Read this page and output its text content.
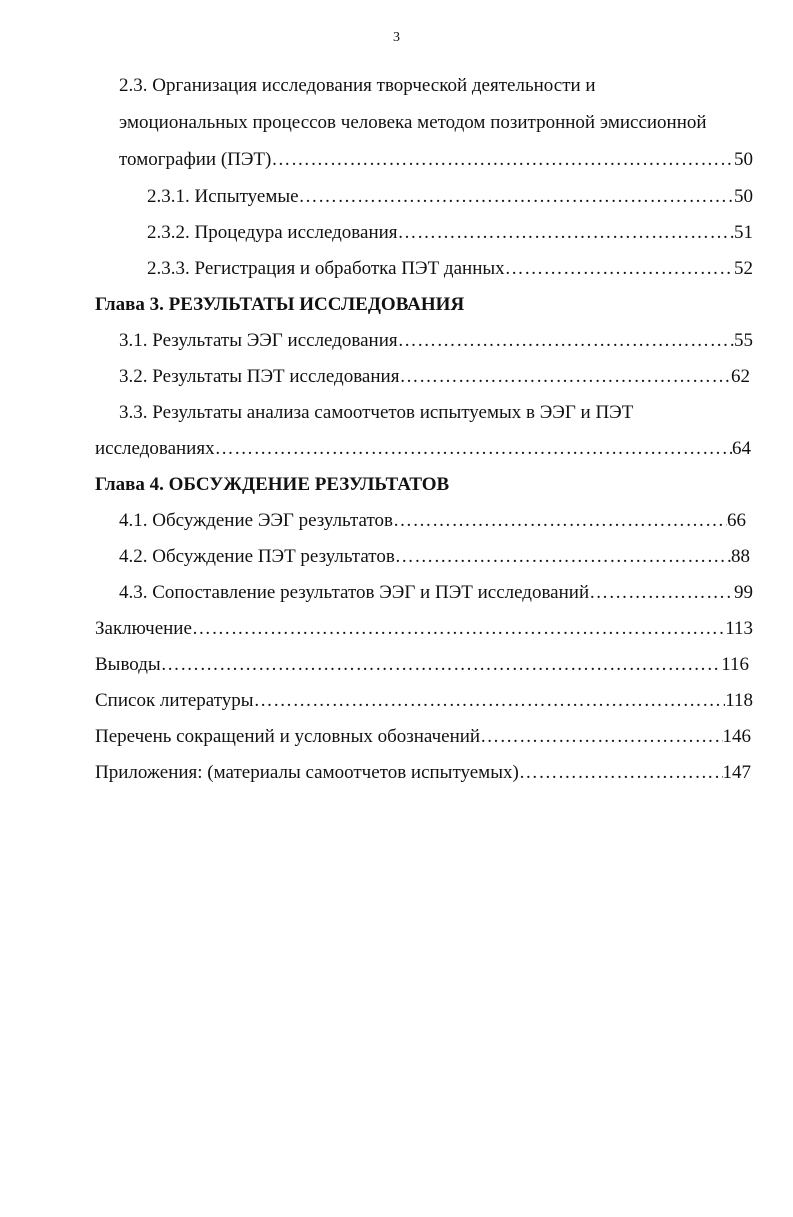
3
2.3. Организация исследования творческой деятельности и
эмоциональных процессов человека методом позитронной эмиссионной
томографии (ПЭТ) …………………………………………………………………………………………………………………………………………………………	50
2.3.1. Испытуемые …………………………………………………………………………………………………………………………………………………………	50
2.3.2. Процедура исследования …………………………………………………………………………………………………………………………………………………………	51
2.3.3. Регистрация и обработка ПЭТ данных …………………………………………………………………………………………………………………………………………………………	52
Глава 3. РЕЗУЛЬТАТЫ ИССЛЕДОВАНИЯ
3.1. Результаты ЭЭГ исследования …………………………………………………………………………………………………………………………………………………………	55
3.2. Результаты ПЭТ исследования …………………………………………………………………………………………………………………………………………………………	62
3.3. Результаты анализа самоотчетов испытуемых в ЭЭГ и ПЭТ
исследованиях …………………………………………………………………………………………………………………………………………………………	64
Глава 4. ОБСУЖДЕНИЕ РЕЗУЛЬТАТОВ
4.1. Обсуждение ЭЭГ результатов …………………………………………………………………………………………………………………………………………………………	66
4.2. Обсуждение ПЭТ результатов …………………………………………………………………………………………………………………………………………………………	88
4.3. Сопоставление результатов ЭЭГ и ПЭТ исследований …………………………………………………………………………………………………………………………………………………………	99
Заключение …………………………………………………………………………………………………………………………………………………………	113
Выводы …………………………………………………………………………………………………………………………………………………………	116
Список литературы …………………………………………………………………………………………………………………………………………………………	118
Перечень сокращений и условных обозначений …………………………………………………………………………………………………………………………………………………………	146
Приложения: (материалы самоотчетов испытуемых) …………………………………………………………………………………………………………………………………………………………	147
